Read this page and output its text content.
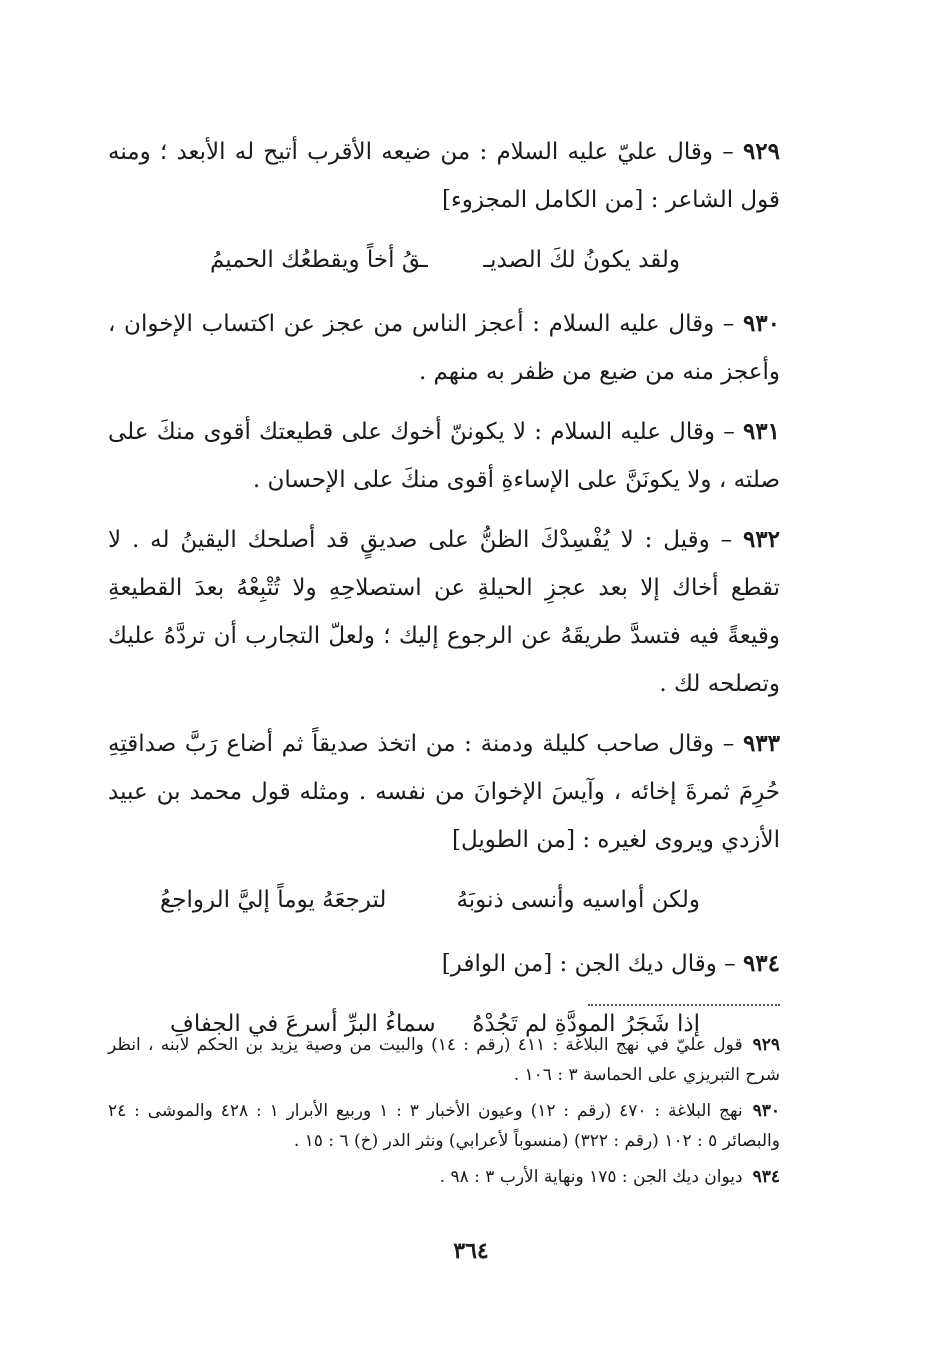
٩٢٩ – وقال عليّ عليه السلام : من ضيعه الأقرب أتيح له الأبعد ؛ ومنه قول الشاعر : [من الكامل المجزوء]

ولقد يكونُ لكَ الصديـ
ـقُ أخاً ويقطعُك الحميمُ

٩٣٠ – وقال عليه السلام : أعجز الناس من عجز عن اكتساب الإخوان ، وأعجز منه من ضيع من ظفر به منهم .

٩٣١ – وقال عليه السلام : لا يكوننّ أخوك على قطيعتك أقوى منكَ على صلته ، ولا يكونَنَّ على الإساءةِ أقوى منكَ على الإحسان .

٩٣٢ – وقيل : لا يُفْسِدْكَ الظنُّ على صديقٍ قد أصلحك اليقينُ له . لا تقطع أخاك إلا بعد عجزِ الحيلةِ عن استصلاحِهِ ولا تُتْبِعْهُ بعدَ القطيعةِ وقيعةً فيه فتسدَّ طريقَهُ عن الرجوع إليك ؛ ولعلّ التجارب أن تردَّهُ عليك وتصلحه لك .

٩٣٣ – وقال صاحب كليلة ودمنة : من اتخذ صديقاً ثم أضاع رَبَّ صداقتِهِ حُرِمَ ثمرةَ إخائه ، وآيسَ الإخوانَ من نفسه . ومثله قول محمد بن عبيد الأزدي ويروى لغيره : [من الطويل]

ولكن أواسيه وأنسى ذنوبَهُ
لترجعَهُ يوماً إليَّ الرواجعُ

٩٣٤ – وقال ديك الجن : [من الوافر]

إذا شَجَرُ المودَّةِ لم تَجُدْهُ
سماءُ البرِّ أسرعَ في الجفافِ

٩٢٩قول عليّ في نهج البلاغة : ٤١١ (رقم : ١٤) والبيت من وصية يزيد بن الحكم لابنه ، انظر شرح التبريزي على الحماسة ٣ : ١٠٦ .

٩٣٠نهج البلاغة : ٤٧٠ (رقم : ١٢) وعيون الأخبار ٣ : ١ وربيع الأبرار ١ : ٤٢٨ والموشى : ٢٤ والبصائر ٥ : ١٠٢ (رقم : ٣٢٢) (منسوباً لأعرابي) ونثر الدر (خ) ٦ : ١٥ .

٩٣٤ديوان ديك الجن : ١٧٥ ونهاية الأرب ٣ : ٩٨ .

٣٦٤
